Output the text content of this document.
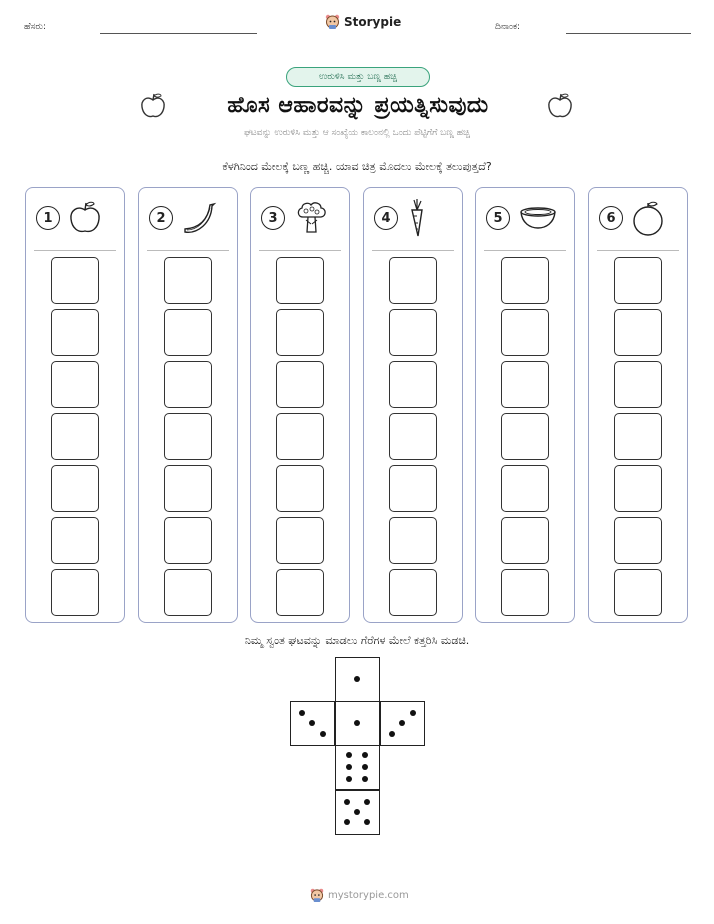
ಹೆಸರು:	Storypie	ದಿನಾಂಕ:
ಉರುಳಿಸಿ ಮತ್ತು ಬಣ್ಣ ಹಚ್ಚಿ
ಹೊಸ ಆಹಾರವನ್ನು ಪ್ರಯತ್ನಿಸುವುದು
ಘಟವನ್ನು ಉರುಳಿಸಿ ಮತ್ತು ಆ ಸಂಖ್ಯೆಯ ಕಾಲಂನಲ್ಲಿ ಒಂದು ಪೆಟ್ಟಿಗೆಗೆ ಬಣ್ಣ ಹಚ್ಚಿ
ಕೆಳಗಿನಿಂದ ಮೇಲಕ್ಕೆ ಬಣ್ಣ ಹಚ್ಚಿ. ಯಾವ ಚಿತ್ರ ಮೊದಲು ಮೇಲಕ್ಕೆ ತಲುಪುತ್ತದೆ?
1	2	3	4	5	6
ನಿಮ್ಮ ಸ್ವಂತ ಘಟವನ್ನು ಮಾಡಲು ಗೆರೆಗಳ ಮೇಲೆ ಕತ್ತರಿಸಿ ಮಡಚಿ.
mystorypie.com
